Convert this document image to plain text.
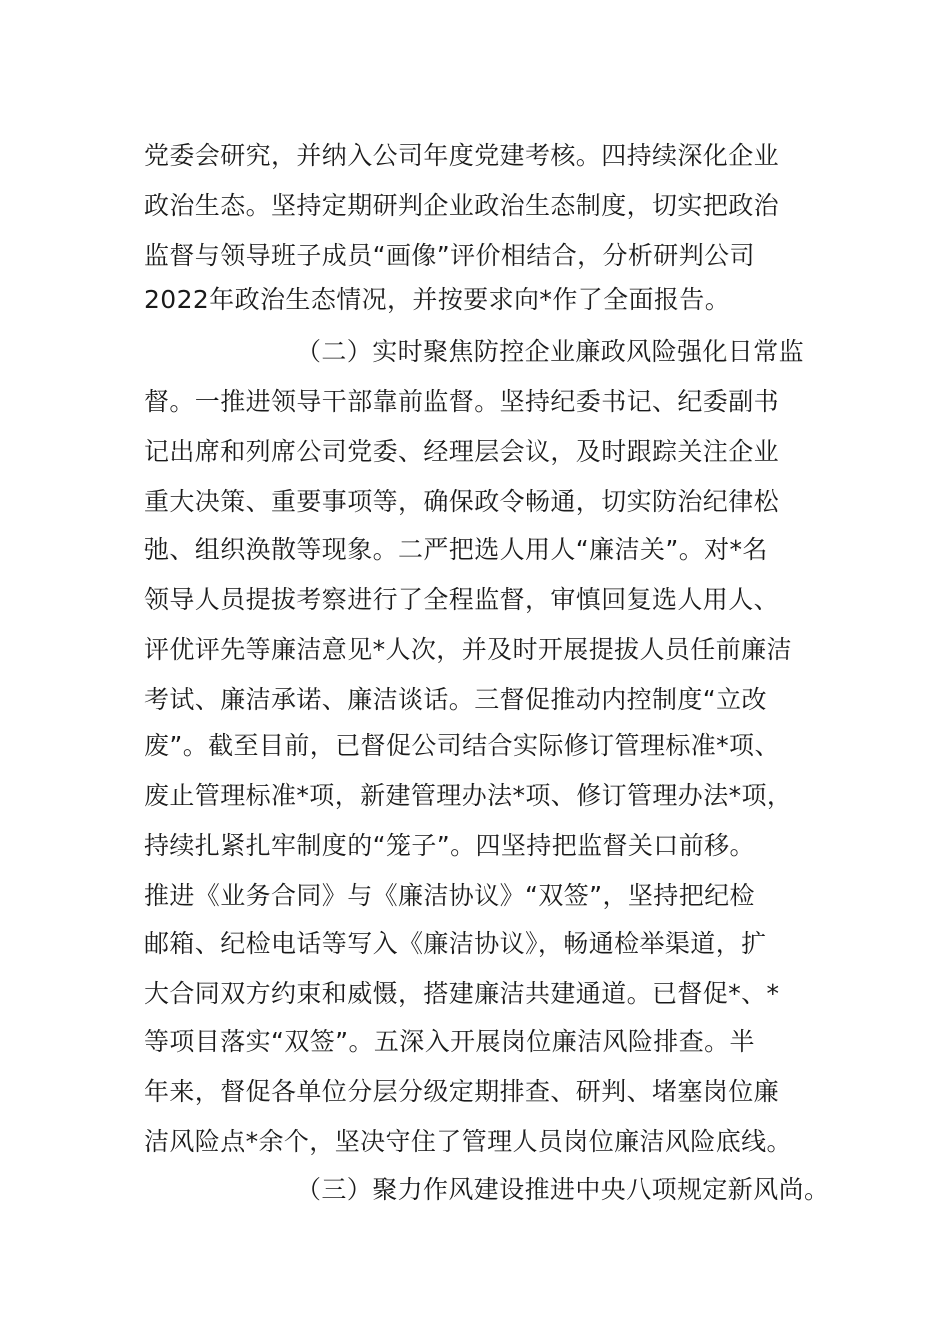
党委会研究，并纳入公司年度党建考核。四持续深化企业
政治生态。坚持定期研判企业政治生态制度，切实把政治
监督与领导班子成员“画像”评价相结合，分析研判公司
2022年政治生态情况，并按要求向*作了全面报告。
（二）实时聚焦防控企业廉政风险强化日常监
督。一推进领导干部靠前监督。坚持纪委书记、纪委副书
记出席和列席公司党委、经理层会议，及时跟踪关注企业
重大决策、重要事项等，确保政令畅通，切实防治纪律松
弛、组织涣散等现象。二严把选人用人“廉洁关”。对*名
领导人员提拔考察进行了全程监督，审慎回复选人用人、
评优评先等廉洁意见*人次，并及时开展提拔人员任前廉洁
考试、廉洁承诺、廉洁谈话。三督促推动内控制度“立改
废”。截至目前，已督促公司结合实际修订管理标准*项、
废止管理标准*项，新建管理办法*项、修订管理办法*项，
持续扎紧扎牢制度的“笼子”。四坚持把监督关口前移。
推进《业务合同》与《廉洁协议》“双签”，坚持把纪检
邮箱、纪检电话等写入《廉洁协议》，畅通检举渠道，扩
大合同双方约束和威慑，搭建廉洁共建通道。已督促*、*
等项目落实“双签”。五深入开展岗位廉洁风险排查。半
年来，督促各单位分层分级定期排查、研判、堵塞岗位廉
洁风险点*余个，坚决守住了管理人员岗位廉洁风险底线。
（三）聚力作风建设推进中央八项规定新风尚。
